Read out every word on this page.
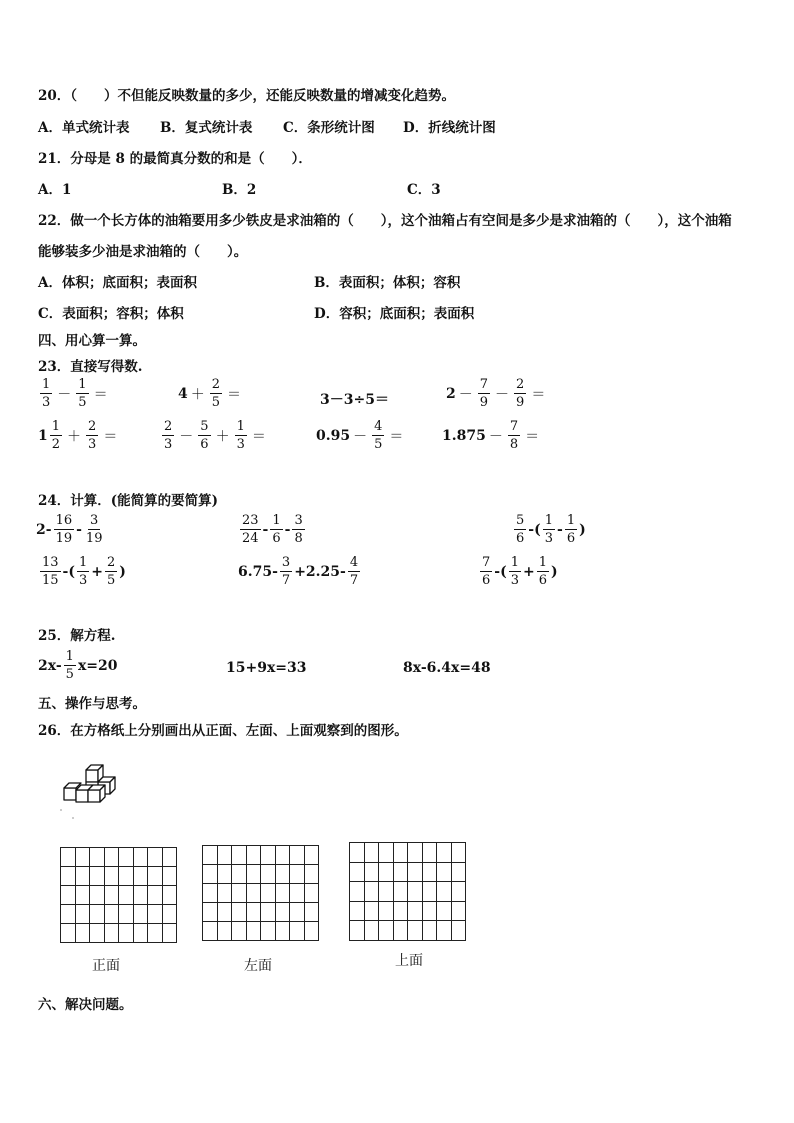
20．（　　）不但能反映数量的多少，还能反映数量的增减变化趋势。
A．单式统计表 B．复式统计表 C．条形统计图 D．折线统计图
21．分母是 8 的最简真分数的和是（　　）．
A．1	B．2	C．3
22．做一个长方体的油箱要用多少铁皮是求油箱的（　　），这个油箱占有空间是多少是求油箱的（　　），这个油箱
能够装多少油是求油箱的（　　）。
A．体积；底面积；表面积	B．表面积；体积；容积
C．表面积；容积；体积	D．容积；底面积；表面积
四、用心算一算。
23．直接写得数.
$\frac{1}{3} - \frac{1}{5}$ ＝	$4 + \frac{2}{5}$ ＝	3－3÷5＝	$2 - \frac{7}{9} - \frac{2}{9}$ ＝
$1 \frac{1}{2} + \frac{2}{3}$ ＝	$\frac{2}{3} - \frac{5}{6} + \frac{1}{3}$ ＝	$0.95 - \frac{4}{5}$ ＝	$1.875 - \frac{7}{8}$ ＝
24．计算．(能简算的要简算)
$2- \frac{16}{19} - \frac{3}{19}$	$\frac{23}{24} - \frac{1}{6} - \frac{3}{8}$	$\frac{5}{6}$ -( $\frac{1}{3} - \frac{1}{6}$ )
$\frac{13}{15}$ -( $\frac{1}{3} + \frac{2}{5}$ )	$6.75- \frac{3}{7} +2.25- \frac{4}{7}$	$\frac{7}{6}$ -( $\frac{1}{3} + \frac{1}{6}$ )
25．解方程.
$2x- \frac{1}{5} x=20$	15+9x=33	8x-6.4x=48
五、操作与思考。
26．在方格纸上分别画出从正面、左面、上面观察到的图形。

正面	左面	上面
六、解决问题。
